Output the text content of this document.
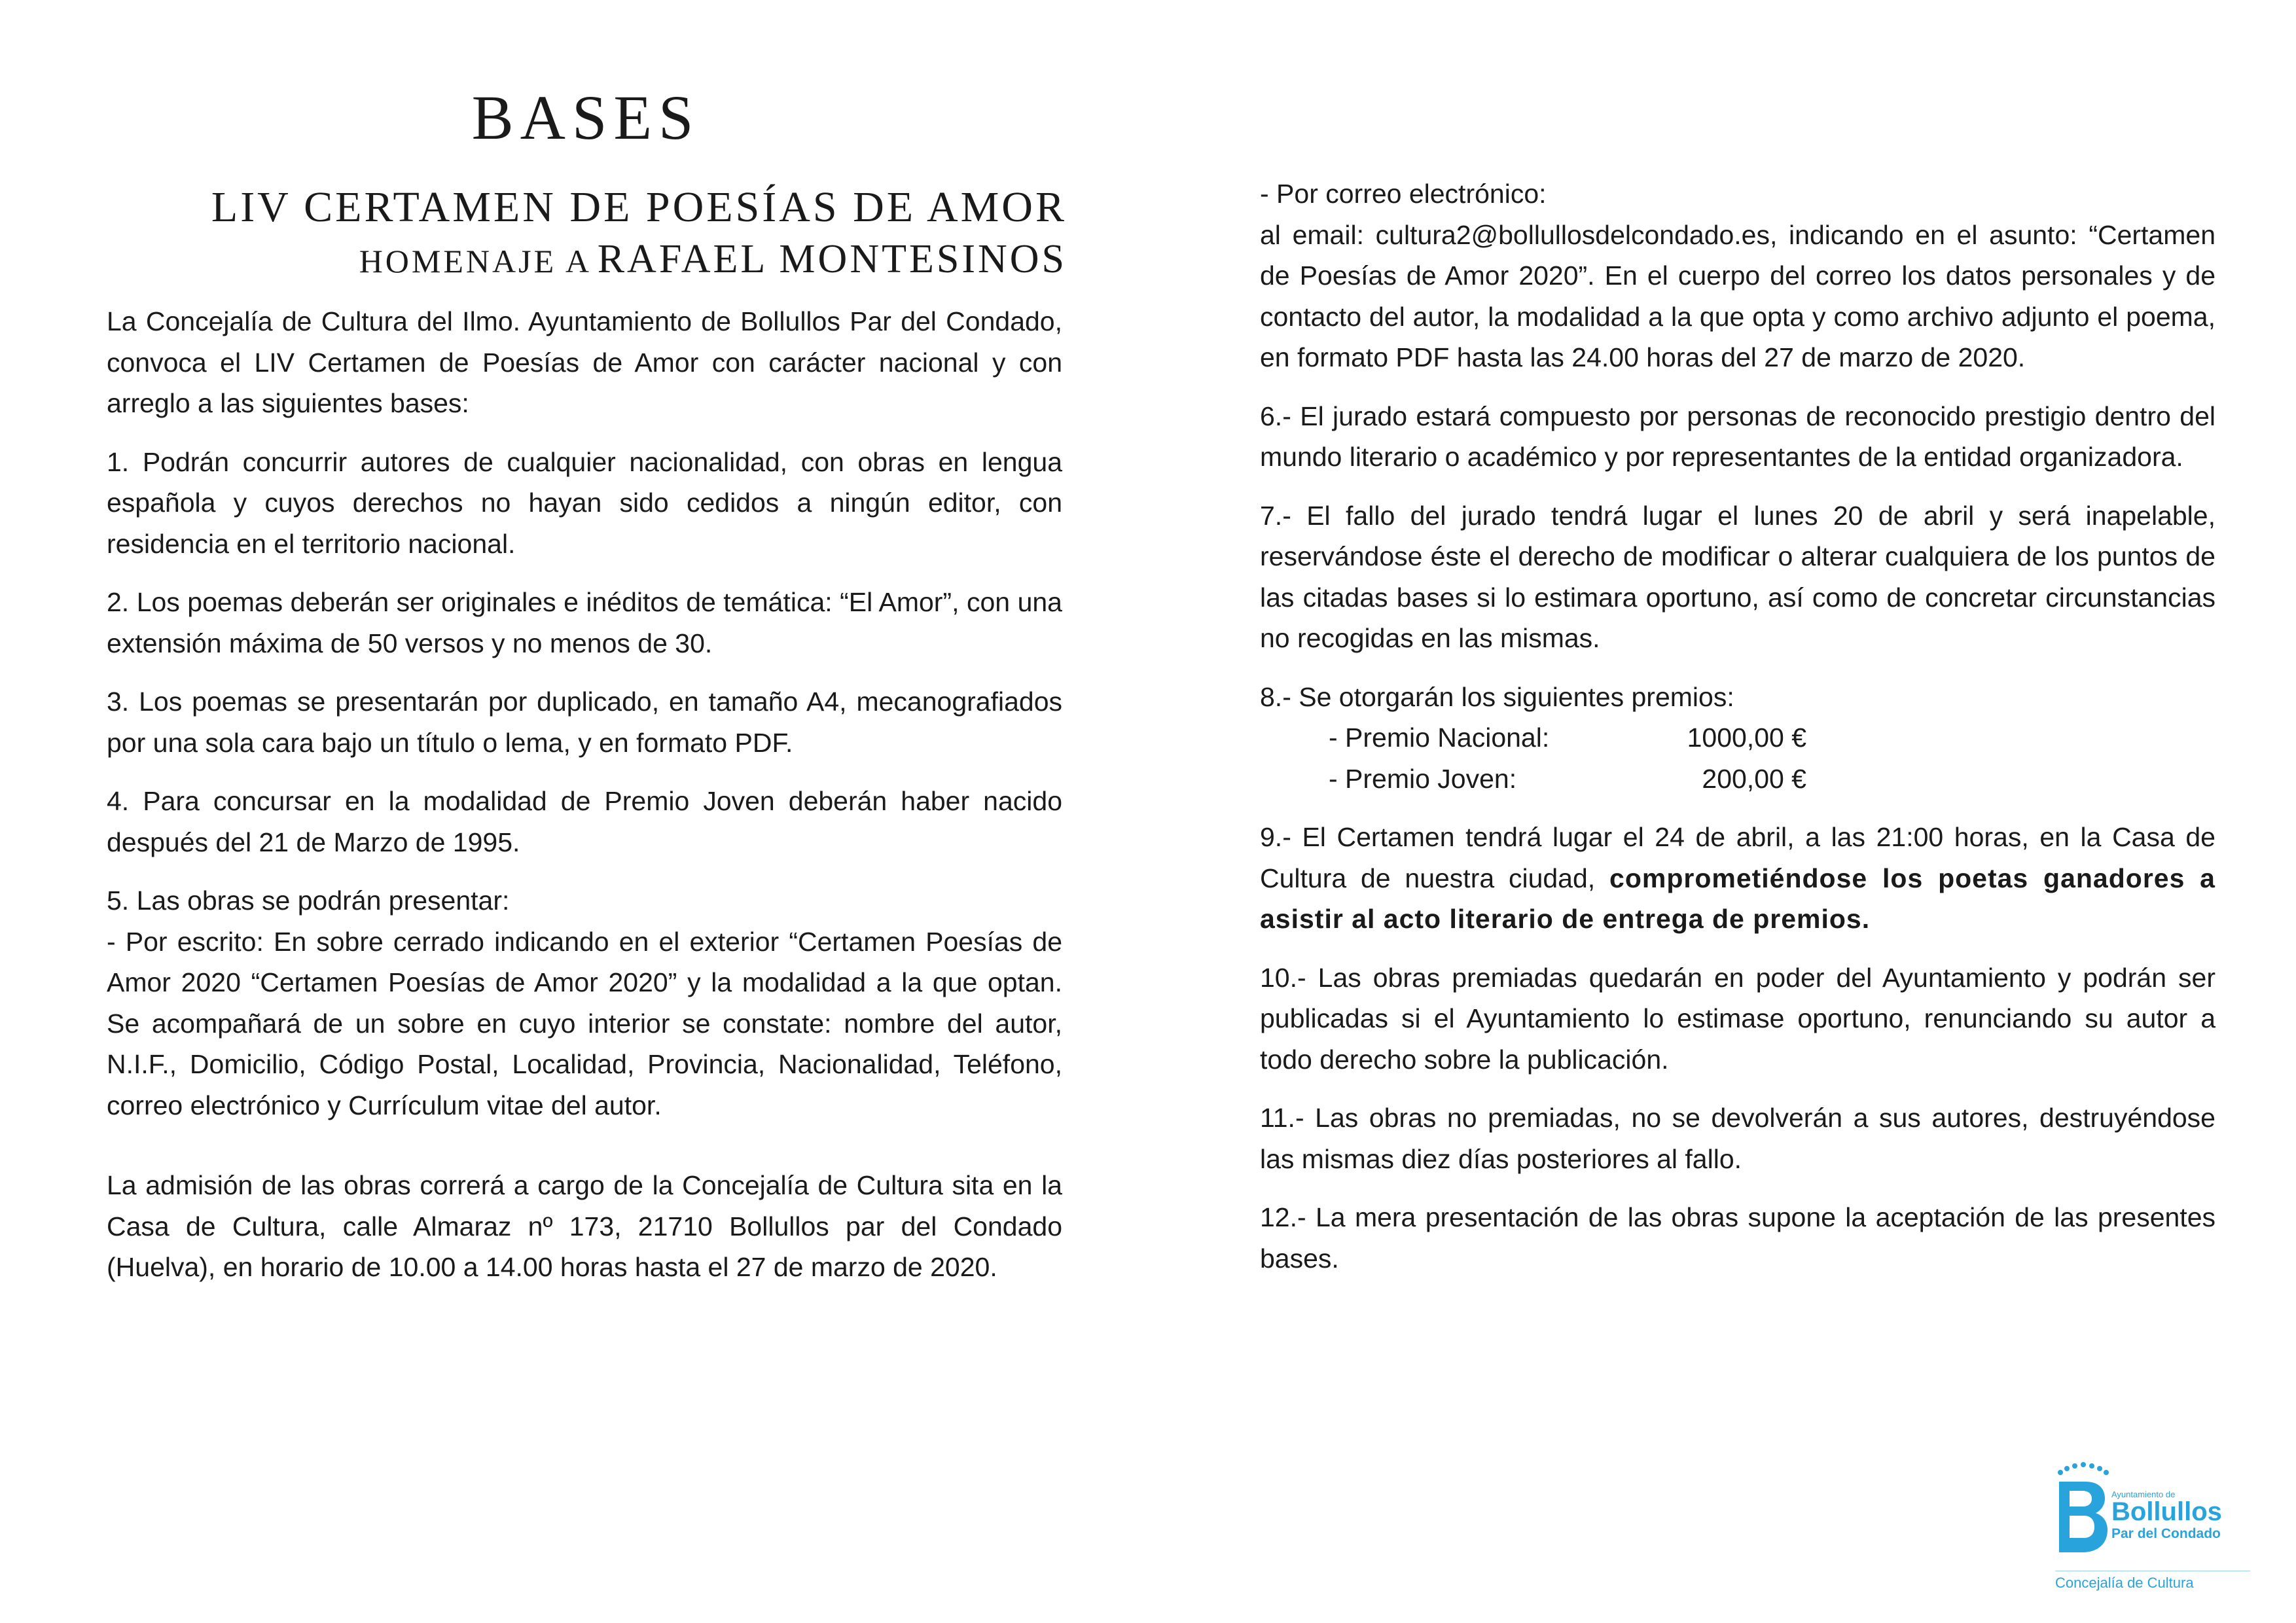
BASES
LIV CERTAMEN DE POESÍAS DE AMOR
HOMENAJE A RAFAEL MONTESINOS

La Concejalía de Cultura del Ilmo. Ayuntamiento de Bollullos Par del Condado, convoca el LIV Certamen de Poesías de Amor con carácter nacional y con arreglo a las siguientes bases:

1. Podrán concurrir autores de cualquier nacionalidad, con obras en lengua española y cuyos derechos no hayan sido cedidos a ningún editor, con residencia en el territorio nacional.

2. Los poemas deberán ser originales e inéditos de temática: “El Amor”, con una extensión máxima de 50 versos y no menos de 30.

3. Los poemas se presentarán por duplicado, en tamaño A4, mecanografiados por una sola cara bajo un título o lema, y en formato PDF.

4. Para concursar en la modalidad de Premio Joven deberán haber nacido después del 21 de Marzo de 1995.

5. Las obras se podrán presentar:
- Por escrito: En sobre cerrado indicando en el exterior “Certamen Poesías de Amor 2020 “Certamen Poesías de Amor 2020” y la modalidad a la que optan. Se acompañará de un sobre en cuyo interior se constate: nombre del autor, N.I.F., Domicilio, Código Postal, Localidad, Provincia, Nacionalidad, Teléfono, correo electrónico y Currículum vitae del autor.

La admisión de las obras correrá a cargo de la Concejalía de Cultura sita en la Casa de Cultura, calle Almaraz nº 173, 21710 Bollullos par del Condado (Huelva), en horario de 10.00 a 14.00 horas hasta el 27 de marzo de 2020.

- Por correo electrónico:
al email: cultura2@bollullosdelcondado.es, indicando en el asunto: “Certamen de Poesías de Amor 2020”. En el cuerpo del correo los datos personales y de contacto del autor, la modalidad a la que opta y como archivo adjunto el poema, en formato PDF hasta las 24.00 horas del 27 de marzo de 2020.

6.- El jurado estará compuesto por personas de reconocido prestigio dentro del mundo literario o académico y por representantes de la entidad organizadora.

7.- El fallo del jurado tendrá lugar el lunes 20 de abril y será inapelable, reservándose éste el derecho de modificar o alterar cualquiera de los puntos de las citadas bases si lo estimara oportuno, así como de concretar circunstancias no recogidas en las mismas.

8.- Se otorgarán los siguientes premios:
- Premio Nacional:	1000,00 €
- Premio Joven:	200,00 €

9.- El Certamen tendrá lugar el 24 de abril, a las 21:00 horas, en la Casa de Cultura de nuestra ciudad, comprometiéndose los poetas ganadores a asistir al acto literario de entrega de premios.

10.- Las obras premiadas quedarán en poder del Ayuntamiento y podrán ser publicadas si el Ayuntamiento lo estimase oportuno, renunciando su autor a todo derecho sobre la publicación.

11.- Las obras no premiadas, no se devolverán a sus autores, destruyéndose las mismas diez días posteriores al fallo.

12.- La mera presentación de las obras supone la aceptación de las presentes bases.

Ayuntamiento de
Bollullos
Par del Condado
Concejalía de Cultura
